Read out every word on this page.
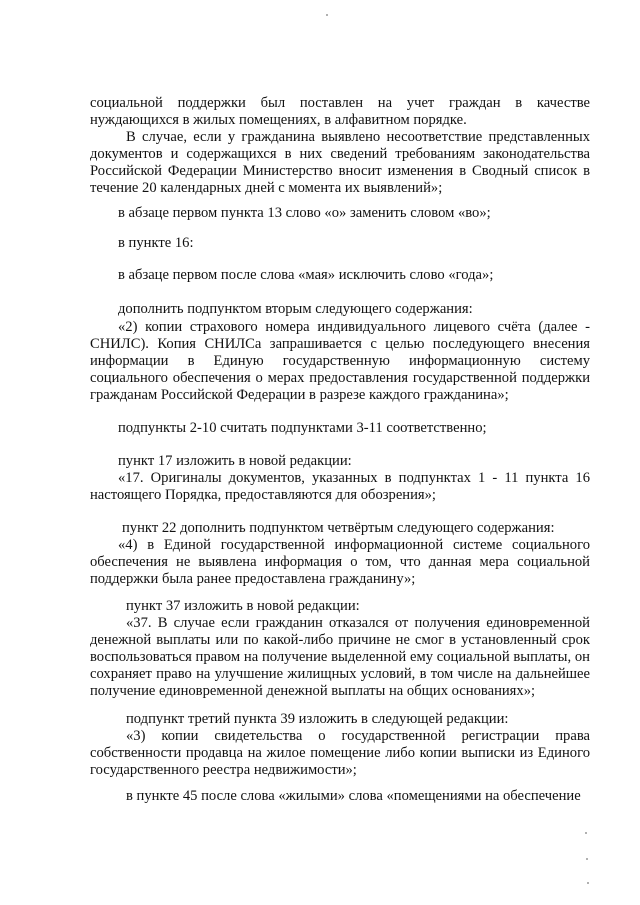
социальной поддержки был поставлен на учет граждан в качестве нуждающихся в жилых помещениях, в алфавитном порядке.

В случае, если у гражданина выявлено несоответствие представленных документов и содержащихся в них сведений требованиям законодательства Российской Федерации Министерство вносит изменения в Сводный список в течение 20 календарных дней с момента их выявлений»;

в абзаце первом пункта 13 слово «о» заменить словом «во»;

в пункте 16:

в абзаце первом после слова «мая» исключить слово «года»;

дополнить подпунктом вторым следующего содержания:

«2) копии страхового номера индивидуального лицевого счёта (далее - СНИЛС). Копия СНИЛСа запрашивается с целью последующего внесения информации в Единую государственную информационную систему социального обеспечения о мерах предоставления государственной поддержки гражданам Российской Федерации в разрезе каждого гражданина»;

подпункты 2-10 считать подпунктами 3-11 соответственно;

пункт 17 изложить в новой редакции:

«17. Оригиналы документов, указанных в подпунктах 1 - 11 пункта 16 настоящего Порядка, предоставляются для обозрения»;

пункт 22 дополнить подпунктом четвёртым следующего содержания:

«4) в Единой государственной информационной системе социального обеспечения не выявлена информация о том, что данная мера социальной поддержки была ранее предоставлена гражданину»;

пункт 37 изложить в новой редакции:

«37. В случае если гражданин отказался от получения единовременной денежной выплаты или по какой-либо причине не смог в установленный срок воспользоваться правом на получение выделенной ему социальной выплаты, он сохраняет право на улучшение жилищных условий, в том числе на дальнейшее получение единовременной денежной выплаты на общих основаниях»;

подпункт третий пункта 39 изложить в следующей редакции:

«3) копии свидетельства о государственной регистрации права собственности продавца на жилое помещение либо копии выписки из Единого государственного реестра недвижимости»;

в пункте 45 после слова «жилыми» слова «помещениями на обеспечение
